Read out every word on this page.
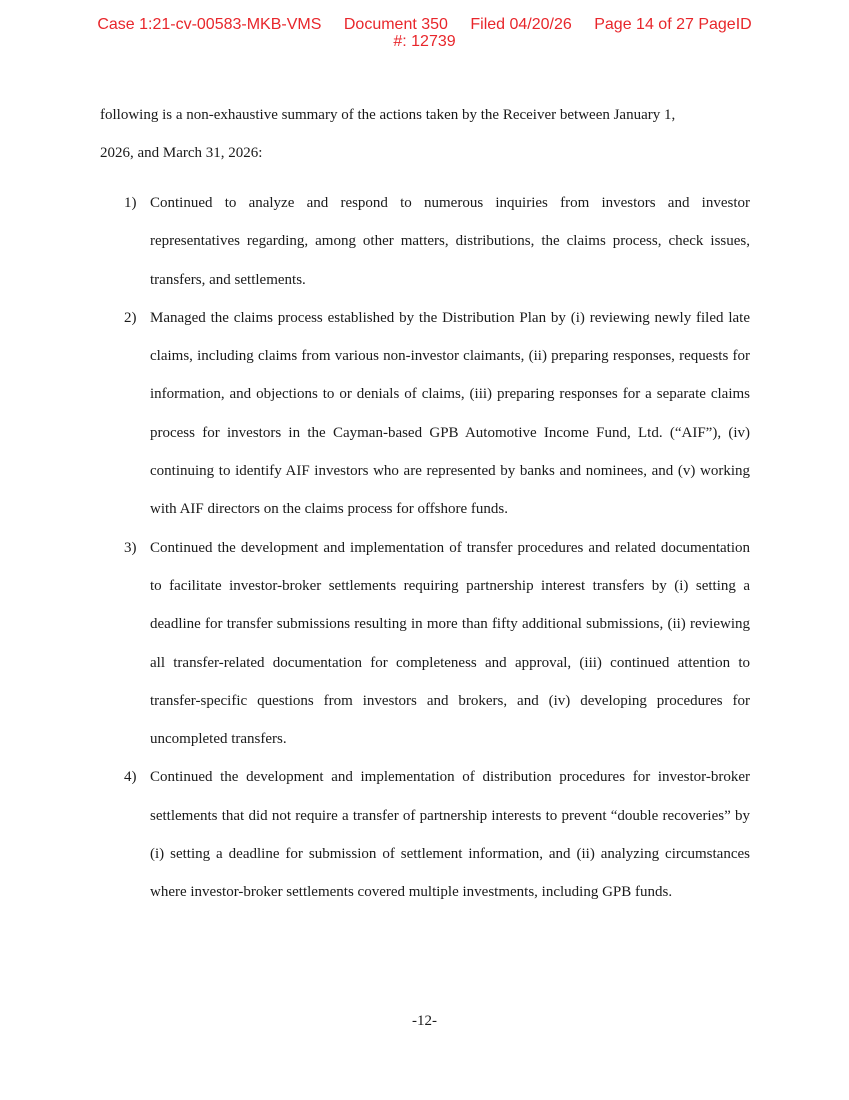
Case 1:21-cv-00583-MKB-VMS Document 350 Filed 04/20/26 Page 14 of 27 PageID
#: 12739
following is a non-exhaustive summary of the actions taken by the Receiver between January 1,
2026, and March 31, 2026:
1) Continued to analyze and respond to numerous inquiries from investors and investor representatives regarding, among other matters, distributions, the claims process, check issues, transfers, and settlements.
2) Managed the claims process established by the Distribution Plan by (i) reviewing newly filed late claims, including claims from various non-investor claimants, (ii) preparing responses, requests for information, and objections to or denials of claims, (iii) preparing responses for a separate claims process for investors in the Cayman-based GPB Automotive Income Fund, Ltd. (“AIF”), (iv) continuing to identify AIF investors who are represented by banks and nominees, and (v) working with AIF directors on the claims process for offshore funds.
3) Continued the development and implementation of transfer procedures and related documentation to facilitate investor-broker settlements requiring partnership interest transfers by (i) setting a deadline for transfer submissions resulting in more than fifty additional submissions, (ii) reviewing all transfer-related documentation for completeness and approval, (iii) continued attention to transfer-specific questions from investors and brokers, and (iv) developing procedures for uncompleted transfers.
4) Continued the development and implementation of distribution procedures for investor-broker settlements that did not require a transfer of partnership interests to prevent “double recoveries” by (i) setting a deadline for submission of settlement information, and (ii) analyzing circumstances where investor-broker settlements covered multiple investments, including GPB funds.
-12-
